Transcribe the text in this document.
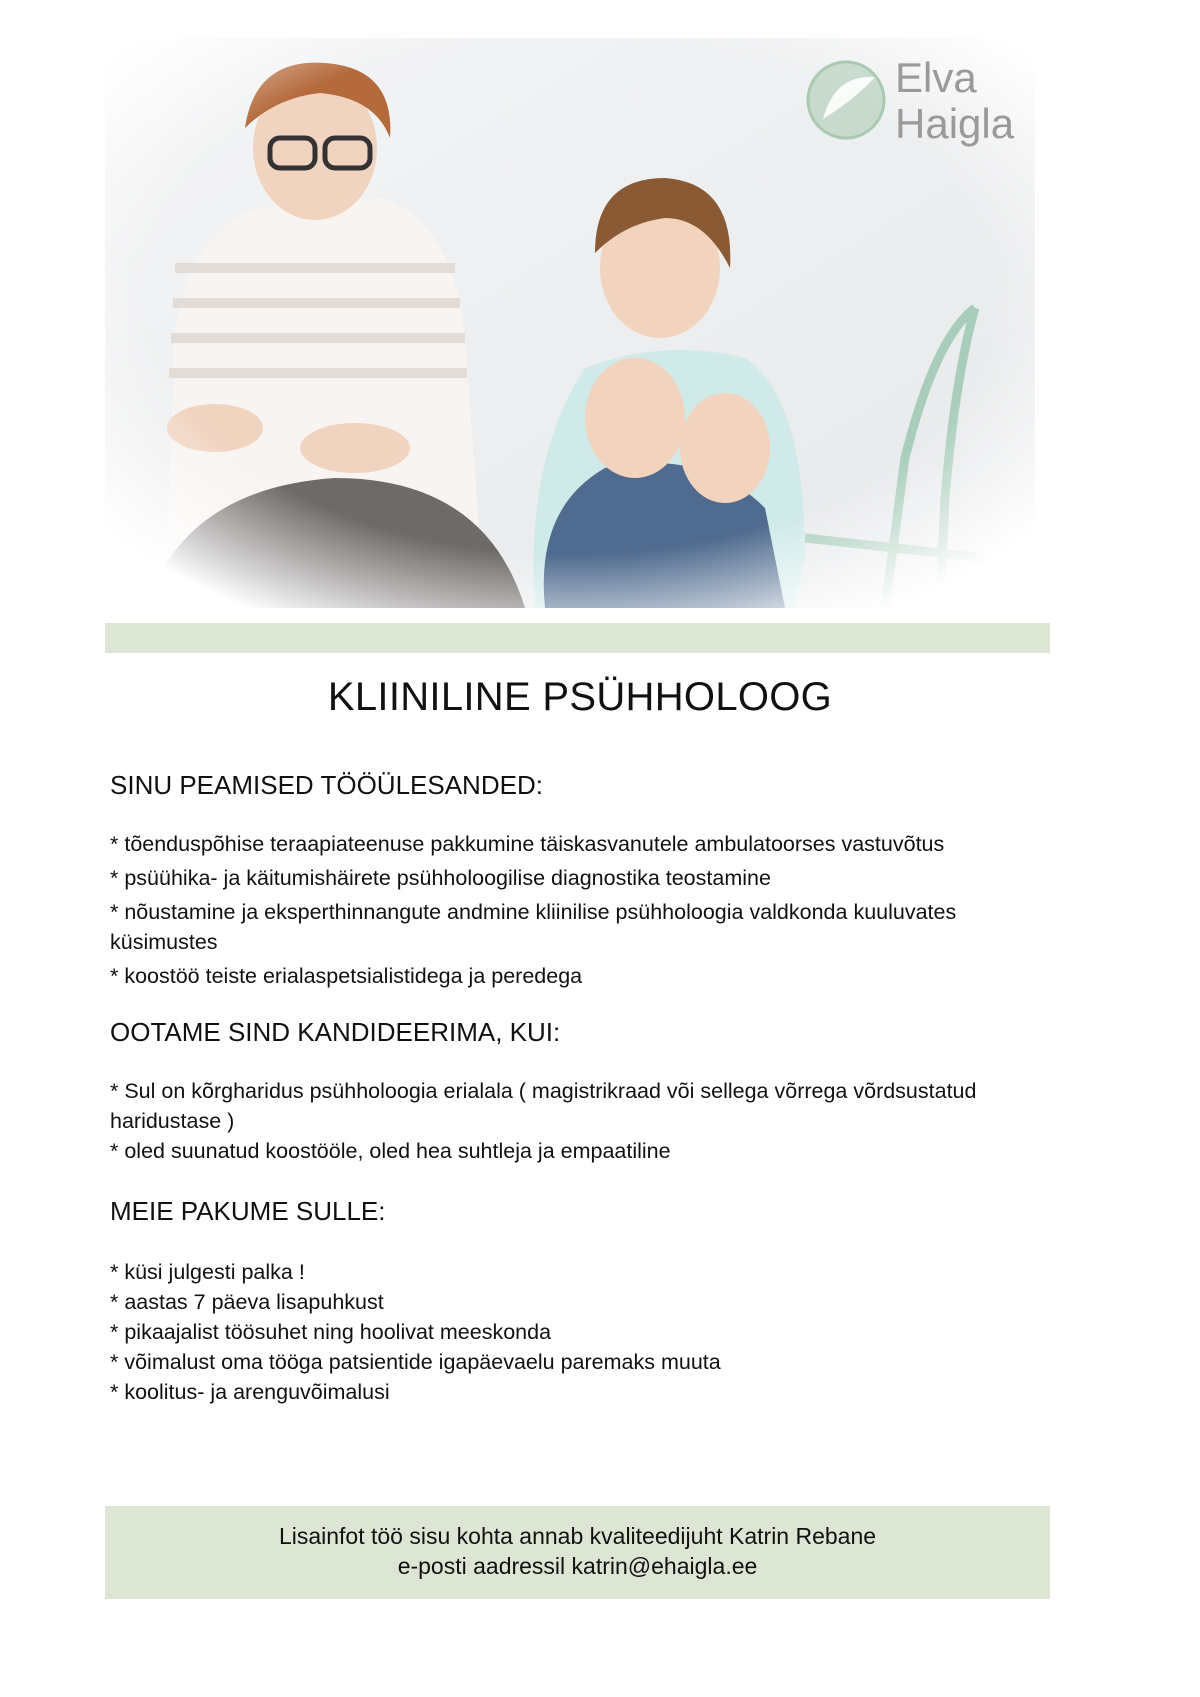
Elva
Haigla
KLIINILINE PSÜHHOLOOG
SINU PEAMISED TÖÖÜLESANDED:
* tõenduspõhise teraapiateenuse pakkumine täiskasvanutele ambulatoorses vastuvõtus
* psüühika- ja käitumishäirete psühholoogilise diagnostika teostamine
* nõustamine ja eksperthinnangute andmine kliinilise psühholoogia valdkonda kuuluvates küsimustes
* koostöö teiste erialaspetsialistidega ja peredega
OOTAME SIND KANDIDEERIMA, KUI:
* Sul on kõrgharidus psühholoogia erialala ( magistrikraad või sellega võrrega võrdsustatud haridustase )
* oled suunatud koostööle, oled hea suhtleja ja empaatiline
MEIE PAKUME SULLE:
* küsi julgesti palka !
* aastas 7 päeva lisapuhkust
* pikaajalist töösuhet ning hoolivat meeskonda
* võimalust oma tööga patsientide igapäevaelu paremaks muuta
* koolitus- ja arenguvõimalusi

Lisainfot töö sisu kohta annab kvaliteedijuht Katrin Rebane

e-posti aadressil katrin@ehaigla.ee
